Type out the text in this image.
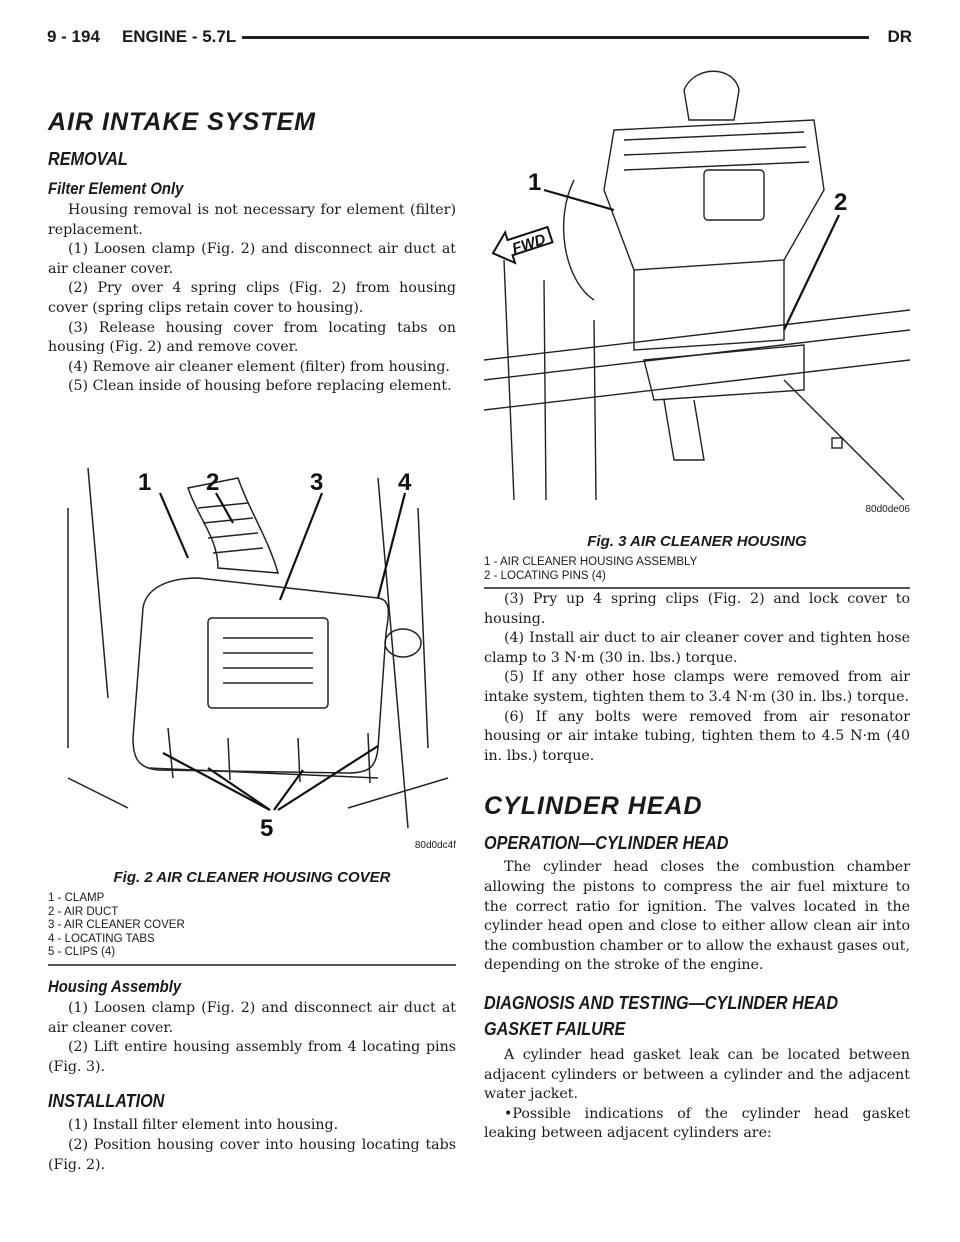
9 - 194 ENGINE - 5.7L	DR
AIR INTAKE SYSTEM
REMOVAL
Filter Element Only

Housing removal is not necessary for element (filter) replacement.

(1) Loosen clamp (Fig. 2) and disconnect air duct at air cleaner cover.

(2) Pry over 4 spring clips (Fig. 2) from housing cover (spring clips retain cover to housing).

(3) Release housing cover from locating tabs on housing (Fig. 2) and remove cover.

(4) Remove air cleaner element (filter) from housing.

(5) Clean inside of housing before replacing element.

1 2	3	4
5
80d0dc4f
Fig. 2 AIR CLEANER HOUSING COVER
1 - CLAMP
2 - AIR DUCT
3 - AIR CLEANER COVER
4 - LOCATING TABS
5 - CLIPS (4)
Housing Assembly

(1) Loosen clamp (Fig. 2) and disconnect air duct at air cleaner cover.

(2) Lift entire housing assembly from 4 locating pins (Fig. 3).

INSTALLATION

(1) Install filter element into housing.

(2) Position housing cover into housing locating tabs (Fig. 2).

FWD
1
2
80d0de06
Fig. 3 AIR CLEANER HOUSING
1 - AIR CLEANER HOUSING ASSEMBLY
2 - LOCATING PINS (4)

(3) Pry up 4 spring clips (Fig. 2) and lock cover to housing.

(4) Install air duct to air cleaner cover and tighten hose clamp to 3 N·m (30 in. lbs.) torque.

(5) If any other hose clamps were removed from air intake system, tighten them to 3.4 N·m (30 in. lbs.) torque.

(6) If any bolts were removed from air resonator housing or air intake tubing, tighten them to 4.5 N·m (40 in. lbs.) torque.

CYLINDER HEAD
OPERATION—CYLINDER HEAD

The cylinder head closes the combustion chamber allowing the pistons to compress the air fuel mixture to the correct ratio for ignition. The valves located in the cylinder head open and close to either allow clean air into the combustion chamber or to allow the exhaust gases out, depending on the stroke of the engine.

DIAGNOSIS AND TESTING—CYLINDER HEAD GASKET FAILURE

A cylinder head gasket leak can be located between adjacent cylinders or between a cylinder and the adjacent water jacket.

•Possible indications of the cylinder head gasket leaking between adjacent cylinders are:
